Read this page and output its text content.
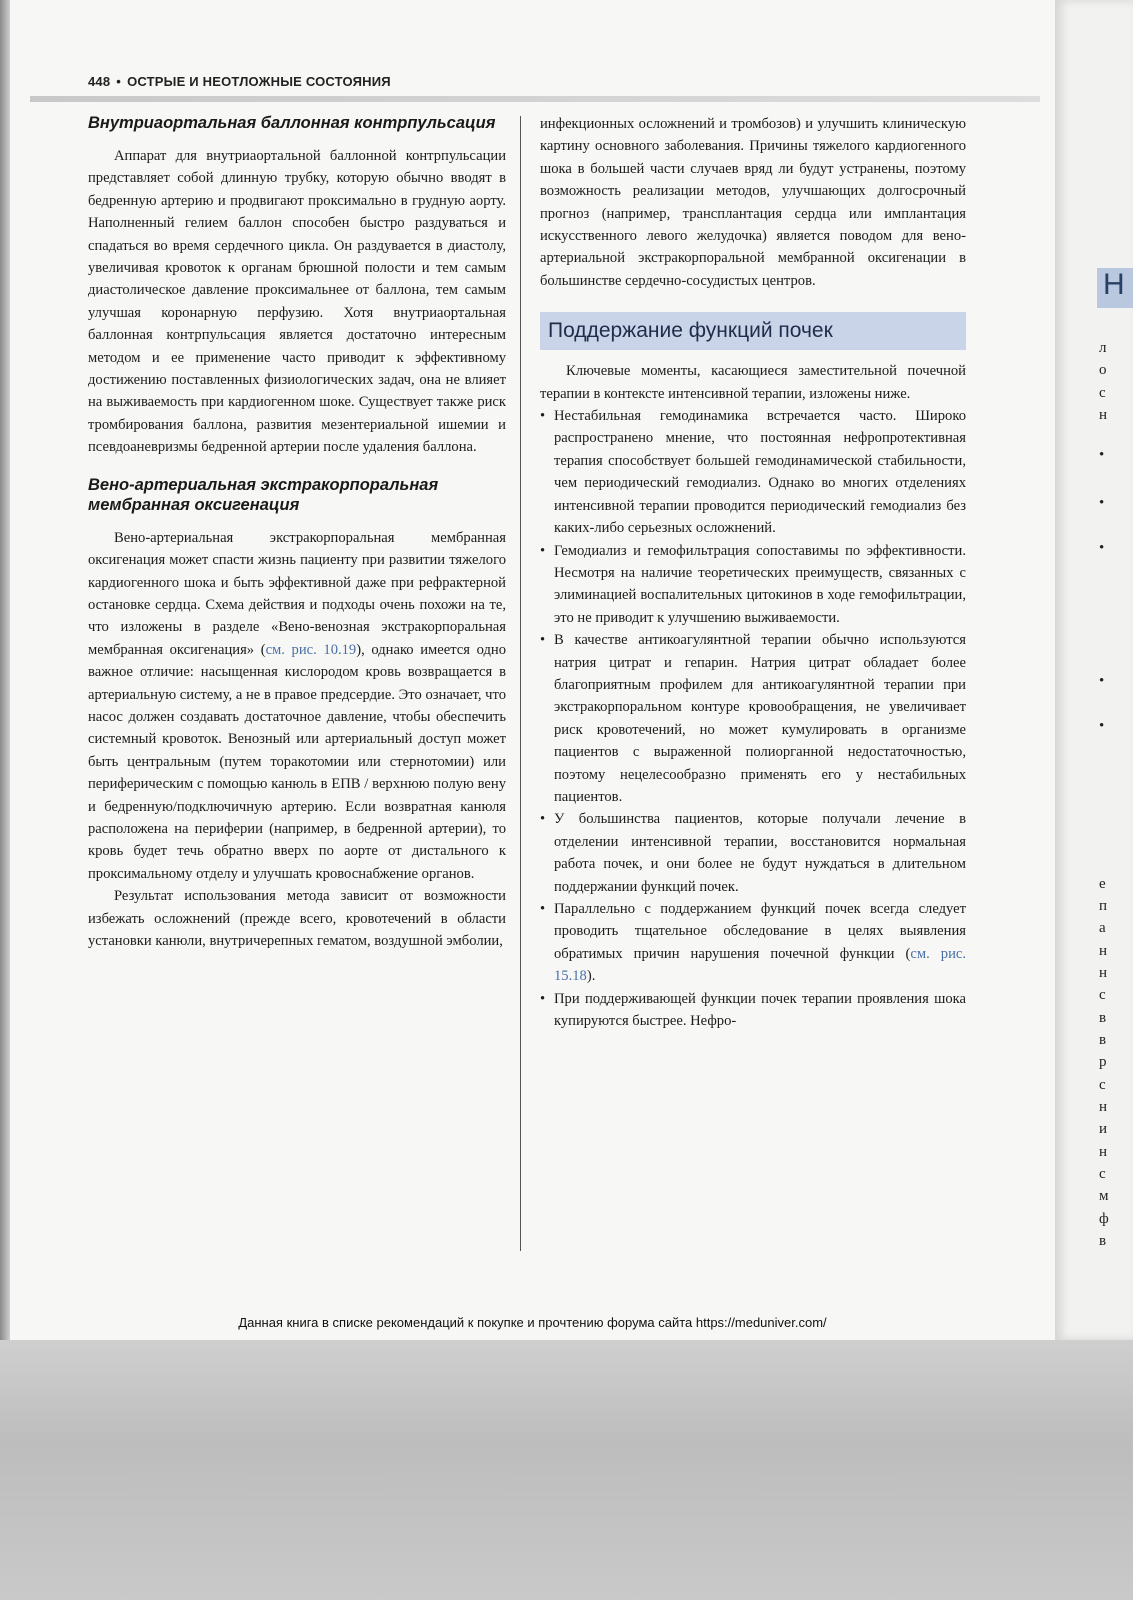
Н
л
о
с
н
•
•
•
•
•
е
п
а
н
н
с
в
в
р
с
н
и
н
с
м
ф
в
448 • ОСТРЫЕ И НЕОТЛОЖНЫЕ СОСТОЯНИЯ
Внутриаортальная баллонная контрпульсация

Аппарат для внутриаортальной баллонной контрпульсации представляет собой длинную трубку, которую обычно вводят в бедренную артерию и продвигают проксимально в грудную аорту. Наполненный гелием баллон способен быстро раздуваться и спадаться во время сердечного цикла. Он раздувается в диастолу, увеличивая кровоток к органам брюшной полости и тем самым диастолическое давление проксимальнее от баллона, тем самым улучшая коронарную перфузию. Хотя внутриаортальная баллонная контрпульсация является достаточно интересным методом и ее применение часто приводит к эффективному достижению поставленных физиологических задач, она не влияет на выживаемость при кардиогенном шоке. Существует также риск тромбирования баллона, развития мезентериальной ишемии и псевдоаневризмы бедренной артерии после удаления баллона.

Вено-артериальная экстракорпоральная мембранная оксигенация

Вено-артериальная экстракорпоральная мембранная оксигенация может спасти жизнь пациенту при развитии тяжелого кардиогенного шока и быть эффективной даже при рефрактерной остановке сердца. Схема действия и подходы очень похожи на те, что изложены в разделе «Вено-венозная экстракорпоральная мембранная оксигенация» (см. рис. 10.19), однако имеется одно важное отличие: насыщенная кислородом кровь возвращается в артериальную систему, а не в правое предсердие. Это означает, что насос должен создавать достаточное давление, чтобы обеспечить системный кровоток. Венозный или артериальный доступ может быть центральным (путем торакотомии или стернотомии) или периферическим с помощью канюль в ЕПВ / верхнюю полую вену и бедренную/подключичную артерию. Если возвратная канюля расположена на периферии (например, в бедренной артерии), то кровь будет течь обратно вверх по аорте от дистального к проксимальному отделу и улучшать кровоснабжение органов.

Результат использования метода зависит от возможности избежать осложнений (прежде всего, кровотечений в области установки канюли, внутричерепных гематом, воздушной эмболии,

инфекционных осложнений и тромбозов) и улучшить клиническую картину основного заболевания. Причины тяжелого кардиогенного шока в большей части случаев вряд ли будут устранены, поэтому возможность реализации методов, улучшающих долгосрочный прогноз (например, трансплантация сердца или имплантация искусственного левого желудочка) является поводом для вено-артериальной экстракорпоральной мембранной оксигенации в большинстве сердечно-сосудистых центров.

Поддержание функций почек

Ключевые моменты, касающиеся заместительной почечной терапии в контексте интенсивной терапии, изложены ниже.

• Нестабильная гемодинамика встречается часто. Широко распространено мнение, что постоянная нефропротективная терапия способствует большей гемодинамической стабильности, чем периодический гемодиализ. Однако во многих отделениях интенсивной терапии проводится периодический гемодиализ без каких-либо серьезных осложнений.
• Гемодиализ и гемофильтрация сопоставимы по эффективности. Несмотря на наличие теоретических преимуществ, связанных с элиминацией воспалительных цитокинов в ходе гемофильтрации, это не приводит к улучшению выживаемости.
• В качестве антикоагулянтной терапии обычно используются натрия цитрат и гепарин. Натрия цитрат обладает более благоприятным профилем для антикоагулянтной терапии при экстракорпоральном контуре кровообращения, не увеличивает риск кровотечений, но может кумулировать в организме пациентов с выраженной полиорганной недостаточностью, поэтому нецелесообразно применять его у нестабильных пациентов.
• У большинства пациентов, которые получали лечение в отделении интенсивной терапии, восстановится нормальная работа почек, и они более не будут нуждаться в длительном поддержании функций почек.
• Параллельно с поддержанием функций почек всегда следует проводить тщательное обследование в целях выявления обратимых причин нарушения почечной функции (см. рис. 15.18).
• При поддерживающей функции почек терапии проявления шока купируются быстрее. Нефро-
Данная книга в списке рекомендаций к покупке и прочтению форума сайта https://meduniver.com/
